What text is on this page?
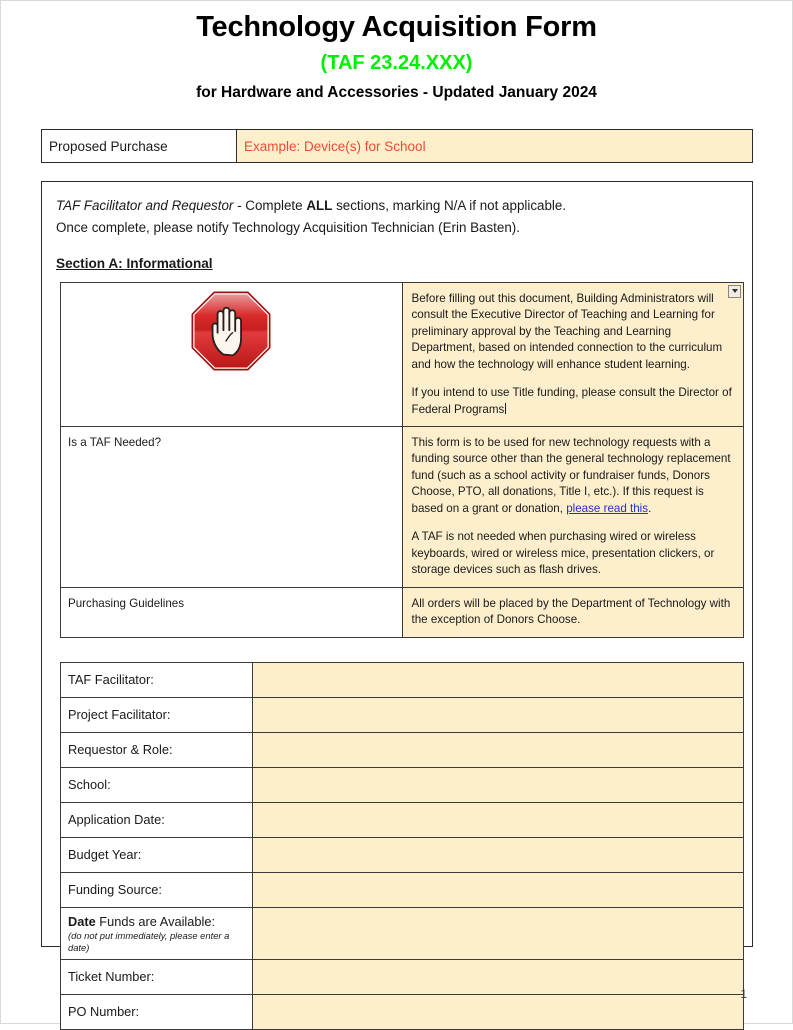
Technology Acquisition Form
(TAF 23.24.XXX)
for Hardware and Accessories - Updated January 2024
Proposed Purchase	Example: Device(s) for School
TAF Facilitator and Requestor - Complete ALL sections, marking N/A if not applicable.
Once complete, please notify Technology Acquisition Technician (Erin Basten).
Section A: Informational

Before filling out this document, Building Administrators will consult the Executive Director of Teaching and Learning for preliminary approval by the Teaching and Learning Department, based on intended connection to the curriculum and how the technology will enhance student learning.

If you intend to use Title funding, please consult the Director of Federal Programs

Is a TAF Needed?	This form is to be used for new technology requests with a funding source other than the general technology replacement fund (such as a school activity or fundraiser funds, Donors Choose, PTO, all donations, Title I, etc.). If this request is based on a grant or donation, please read this.

A TAF is not needed when purchasing wired or wireless keyboards, wired or wireless mice, presentation clickers, or storage devices such as flash drives.

Purchasing Guidelines	All orders will be placed by the Department of Technology with the exception of Donors Choose.

TAF Facilitator:	
Project Facilitator:	
Requestor & Role:	
School:	
Application Date:	
Budget Year:	
Funding Source:	
Date Funds are Available:
(do not put immediately, please enter a date)	

Ticket Number:	
PO Number:	
1
